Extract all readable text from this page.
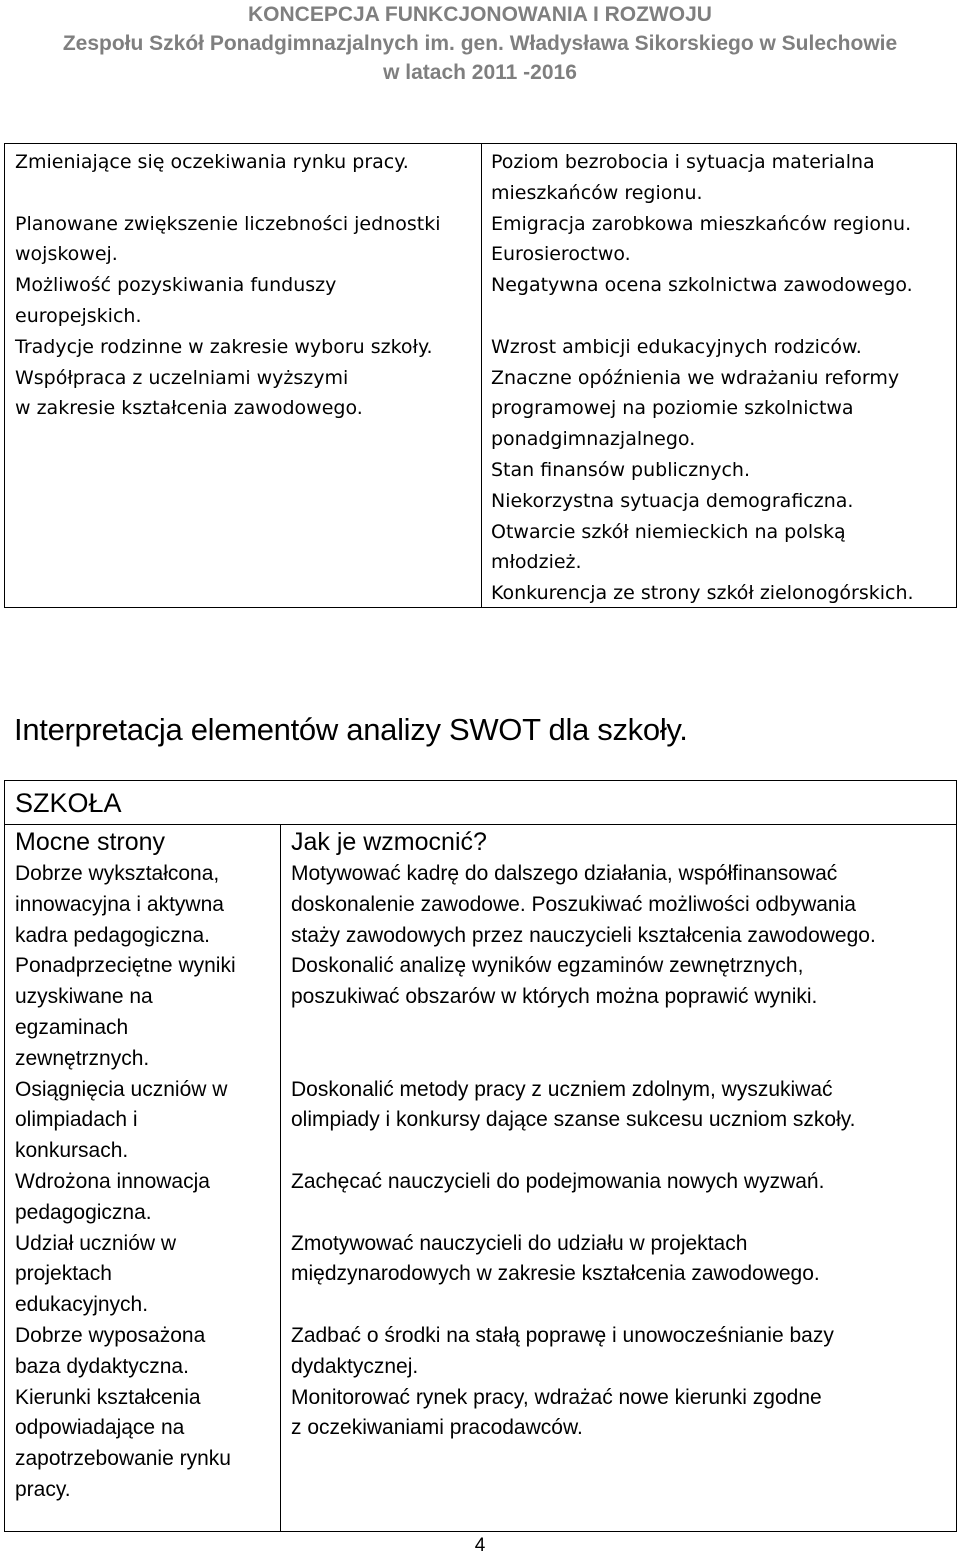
KONCEPCJA FUNKCJONOWANIA I ROZWOJU
Zespołu Szkół Ponadgimnazjalnych im. gen. Władysława Sikorskiego w Sulechowie
w latach 2011 -2016
Zmieniające się oczekiwania rynku pracy.
Planowane zwiększenie liczebności jednostki
wojskowej.
Możliwość pozyskiwania funduszy
europejskich.
Tradycje rodzinne w zakresie wyboru szkoły.
Współpraca z uczelniami wyższymi
w zakresie kształcenia zawodowego.
Poziom bezrobocia i sytuacja materialna
mieszkańców regionu.
Emigracja zarobkowa mieszkańców regionu.
Eurosieroctwo.
Negatywna ocena szkolnictwa zawodowego.
Wzrost ambicji edukacyjnych rodziców.
Znaczne opóźnienia we wdrażaniu reformy
programowej na poziomie szkolnictwa
ponadgimnazjalnego.
Stan finansów publicznych.
Niekorzystna sytuacja demograficzna.
Otwarcie szkół niemieckich na polską
młodzież.
Konkurencja ze strony szkół zielonogórskich.
Interpretacja elementów analizy SWOT dla szkoły.
SZKOŁA
Mocne strony
Dobrze wykształcona,
innowacyjna i aktywna
kadra pedagogiczna.
Ponadprzeciętne wyniki
uzyskiwane na
egzaminach
zewnętrznych.
Osiągnięcia uczniów w
olimpiadach i
konkursach.
Wdrożona innowacja
pedagogiczna.
Udział uczniów w
projektach
edukacyjnych.
Dobrze wyposażona
baza dydaktyczna.
Kierunki kształcenia
odpowiadające na
zapotrzebowanie rynku
pracy.
Jak je wzmocnić?
Motywować kadrę do dalszego działania, współfinansować
doskonalenie zawodowe. Poszukiwać możliwości odbywania
staży zawodowych przez nauczycieli kształcenia zawodowego.
Doskonalić analizę wyników egzaminów zewnętrznych,
poszukiwać obszarów w których można poprawić wyniki.
Doskonalić metody pracy z uczniem zdolnym, wyszukiwać
olimpiady i konkursy dające szanse sukcesu uczniom szkoły.
Zachęcać nauczycieli do podejmowania nowych wyzwań.
Zmotywować nauczycieli do udziału w projektach
międzynarodowych w zakresie kształcenia zawodowego.
Zadbać o środki na stałą poprawę i unowocześnianie bazy
dydaktycznej.
Monitorować rynek pracy, wdrażać nowe kierunki zgodne
z oczekiwaniami pracodawców.
4
